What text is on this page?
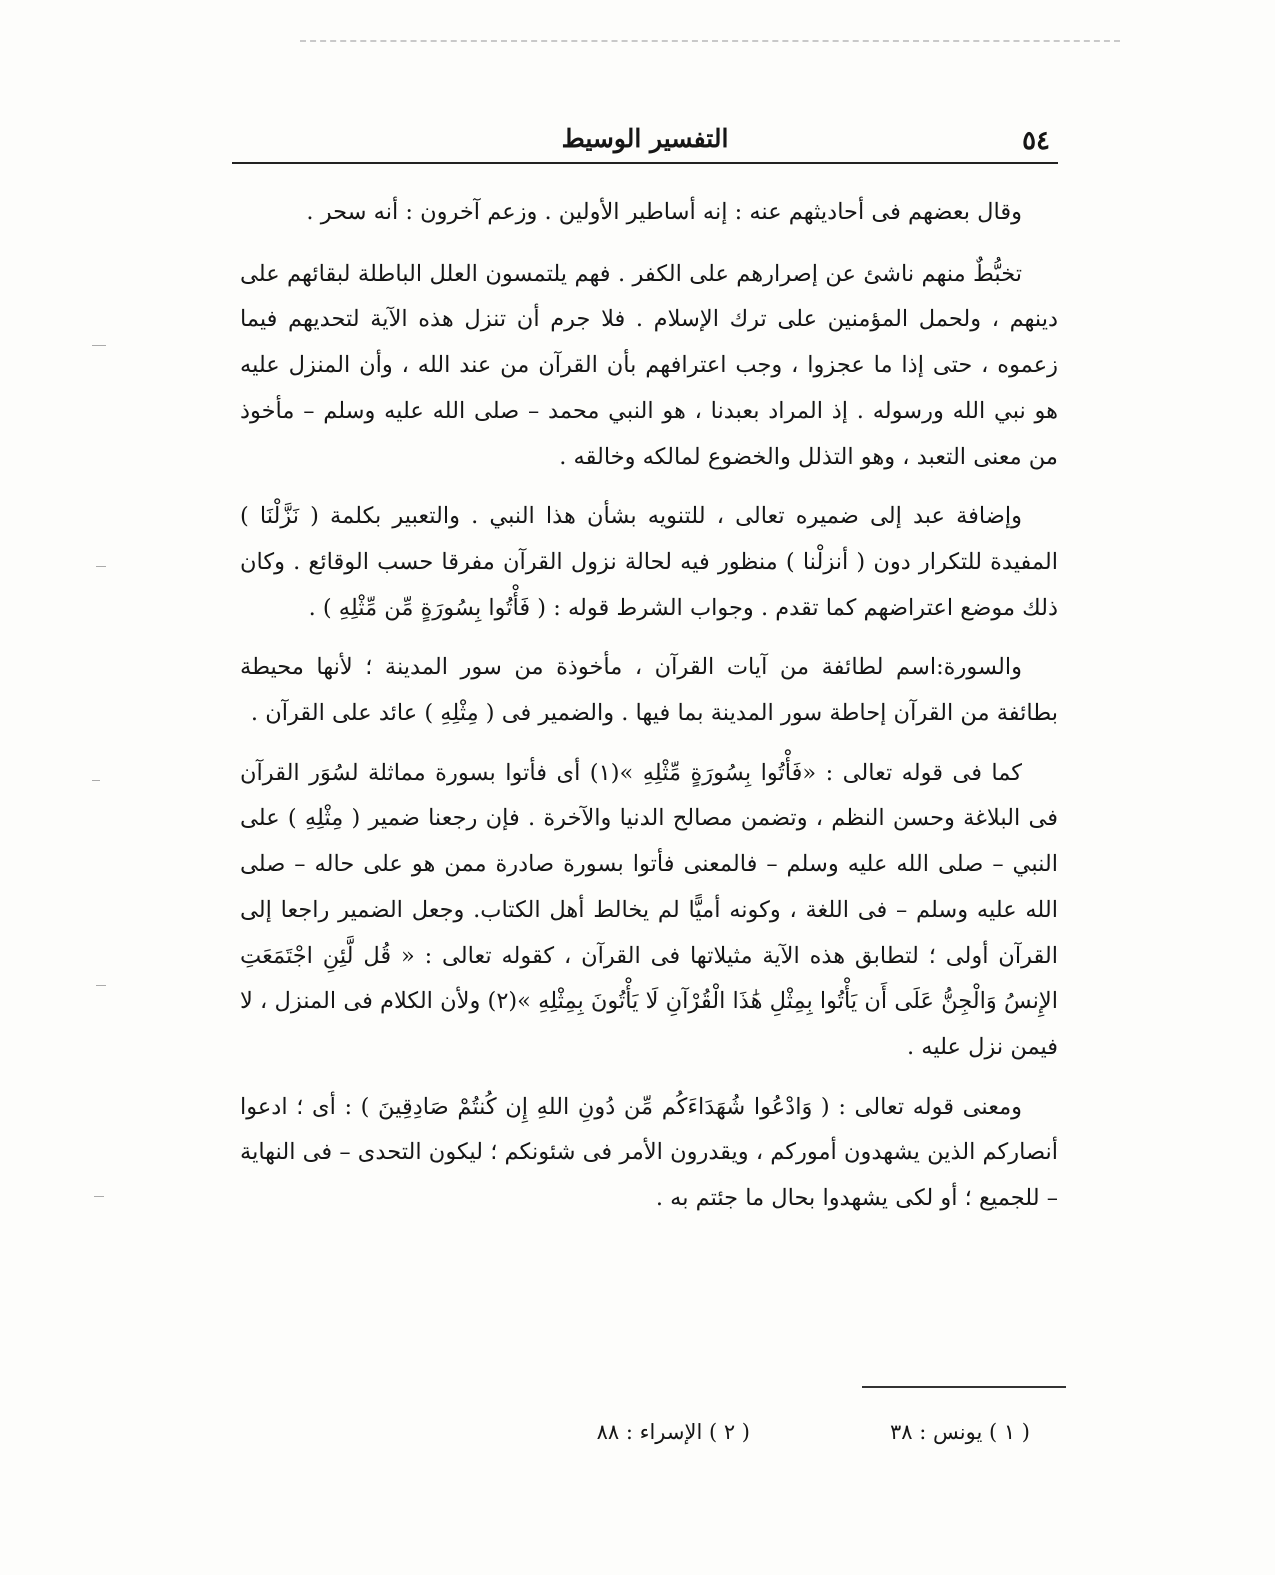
٥٤
التفسير الوسيط

وقال بعضهم فى أحاديثهم عنه : إنه أساطير الأولين . وزعم آخرون : أنه سحر .

تخبُّطٌ منهم ناشئ عن إصرارهم على الكفر . فهم يلتمسون العلل الباطلة لبقائهم على دينهم ، ولحمل المؤمنين على ترك الإسلام . فلا جرم أن تنزل هذه الآية لتحديهم فيما زعموه ، حتى إذا ما عجزوا ، وجب اعترافهم بأن القرآن من عند الله ، وأن المنزل عليه هو نبي الله ورسوله . إذ المراد بعبدنا ، هو النبي محمد – صلى الله عليه وسلم – مأخوذ من معنى التعبد ، وهو التذلل والخضوع لمالكه وخالقه .

وإضافة عبد إلى ضميره تعالى ، للتنويه بشأن هذا النبي . والتعبير بكلمة ( نَزَّلْنَا ) المفيدة للتكرار دون ( أنزلْنا ) منظور فيه لحالة نزول القرآن مفرقا حسب الوقائع . وكان ذلك موضع اعتراضهم كما تقدم . وجواب الشرط قوله : ( فَأْتُوا بِسُورَةٍ مِّن مِّثْلِهِ ) .

والسورة:اسم لطائفة من آيات القرآن ، مأخوذة من سور المدينة ؛ لأنها محيطة بطائفة من القرآن إحاطة سور المدينة بما فيها . والضمير فى ( مِثْلِهِ ) عائد على القرآن .

كما فى قوله تعالى : «فَأْتُوا بِسُورَةٍ مِّثْلِهِ »(١) أى فأتوا بسورة مماثلة لسُوَر القرآن فى البلاغة وحسن النظم ، وتضمن مصالح الدنيا والآخرة . فإن رجعنا ضمير ( مِثْلِهِ ) على النبي – صلى الله عليه وسلم – فالمعنى فأتوا بسورة صادرة ممن هو على حاله – صلى الله عليه وسلم – فى اللغة ، وكونه أميًّا لم يخالط أهل الكتاب. وجعل الضمير راجعا إلى القرآن أولى ؛ لتطابق هذه الآية مثيلاتها فى القرآن ، كقوله تعالى : « قُل لَّئِنِ اجْتَمَعَتِ الإِنسُ وَالْجِنُّ عَلَى أَن يَأْتُوا بِمِثْلِ هَٰذَا الْقُرْآنِ لَا يَأْتُونَ بِمِثْلِهِ »(٢) ولأن الكلام فى المنزل ، لا فيمن نزل عليه .

ومعنى قوله تعالى : ( وَادْعُوا شُهَدَاءَكُم مِّن دُونِ اللهِ إِن كُنتُمْ صَادِقِينَ ) : أى ؛ ادعوا أنصاركم الذين يشهدون أموركم ، ويقدرون الأمر فى شئونكم ؛ ليكون التحدى – فى النهاية – للجميع ؛ أو لكى يشهدوا بحال ما جئتم به .

( ١ ) يونس : ٣٨
( ٢ ) الإسراء : ٨٨
